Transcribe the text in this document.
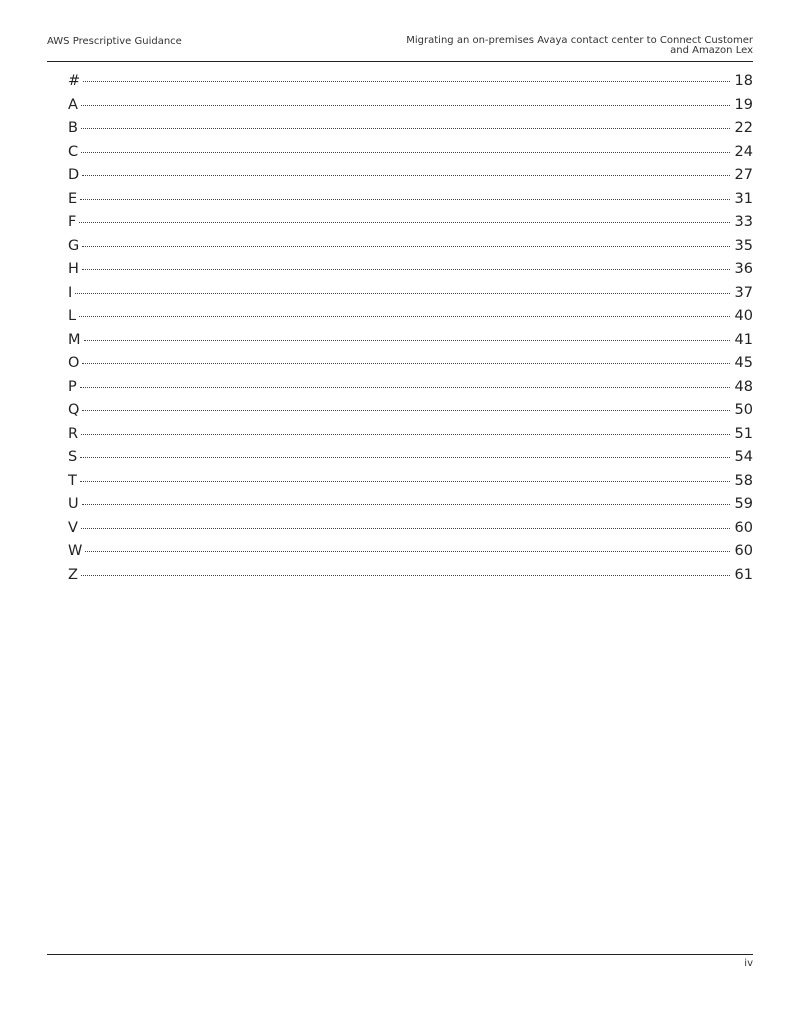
AWS Prescriptive Guidance	Migrating an on-premises Avaya contact center to Connect Customer
and Amazon Lex
#	18
A	19
B	22
C	24
D	27
E	31
F	33
G	35
H	36
I	37
L	40
M	41
O	45
P	48
Q	50
R	51
S	54
T	58
U	59
V	60
W	60
Z	61
iv
